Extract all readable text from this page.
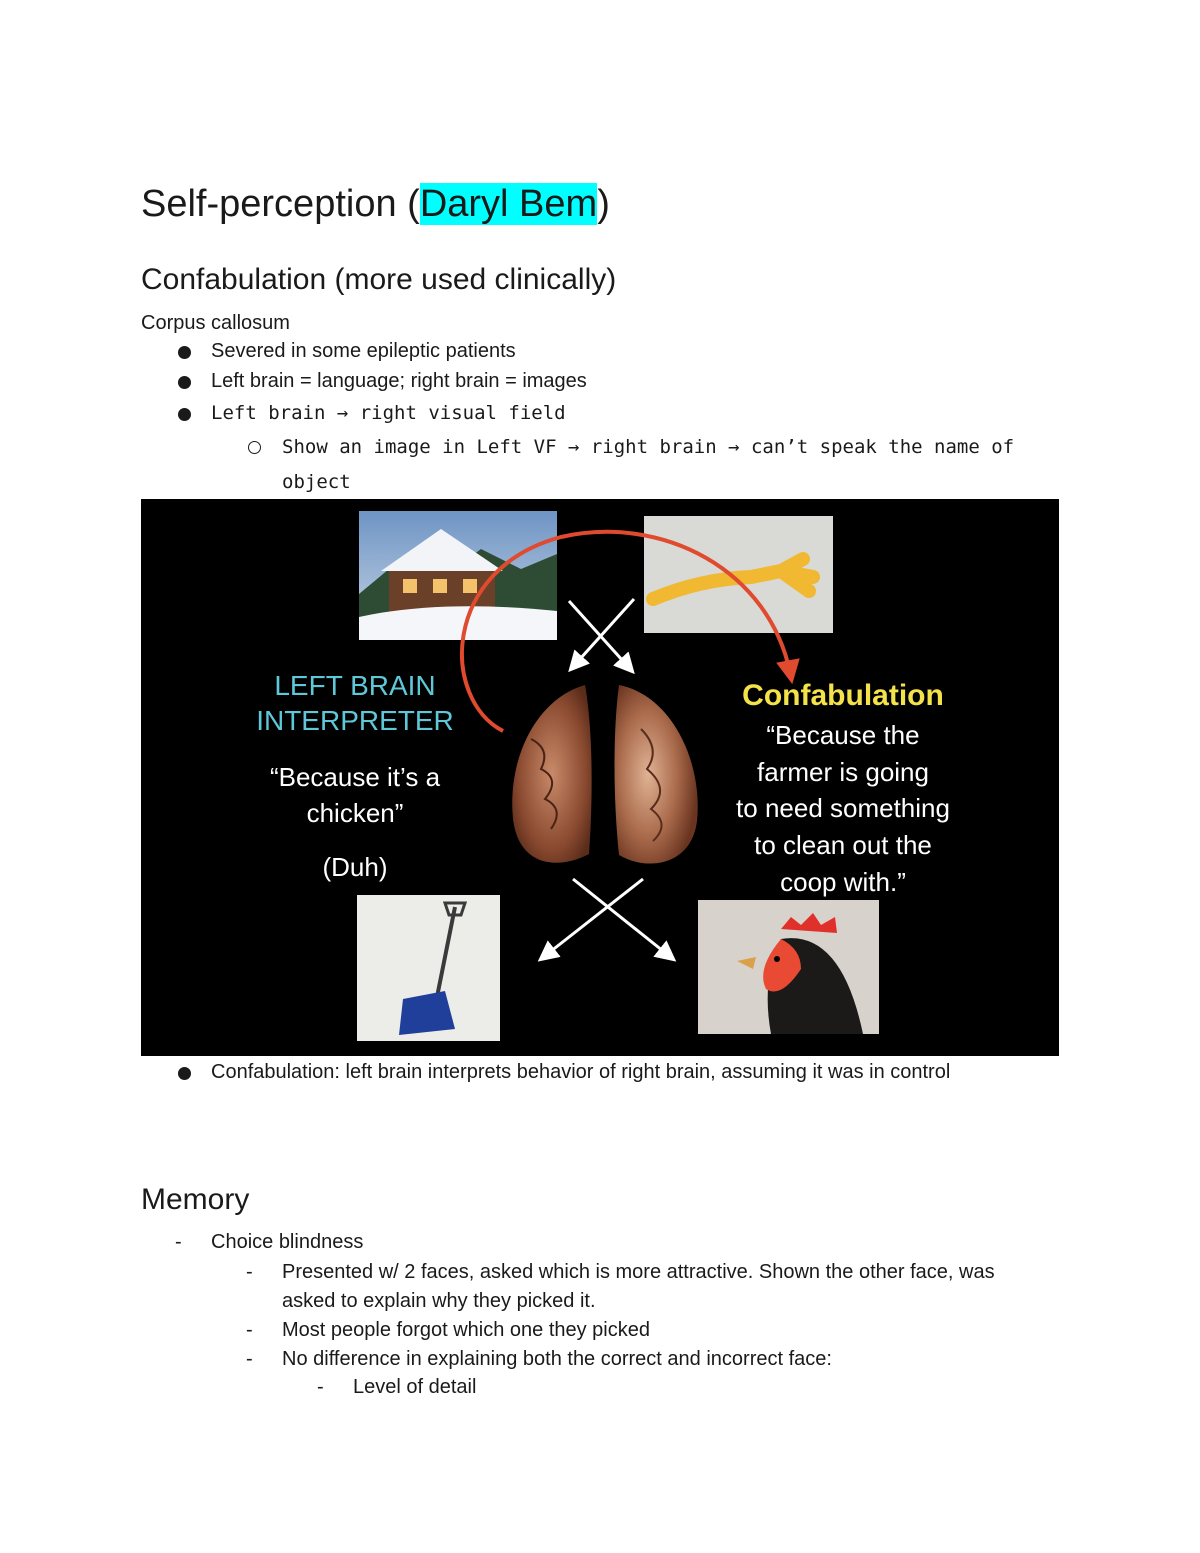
Self-perception (Daryl Bem)
Confabulation (more used clinically)
Corpus callosum
Severed in some epileptic patients
Left brain = language; right brain = images
Left brain → right visual field
Show an image in Left VF → right brain → can’t speak the name of
object
LEFT BRAIN
INTERPRETER
“Because it’s a
chicken”
(Duh)
Confabulation
“Because the
farmer is going
to need something
to clean out the
coop with.”
Confabulation: left brain interprets behavior of right brain, assuming it was in control
Memory
- Choice blindness
- Presented w/ 2 faces, asked which is more attractive. Shown the other face, was
asked to explain why they picked it.
- Most people forgot which one they picked
- No difference in explaining both the correct and incorrect face:
- Level of detail
